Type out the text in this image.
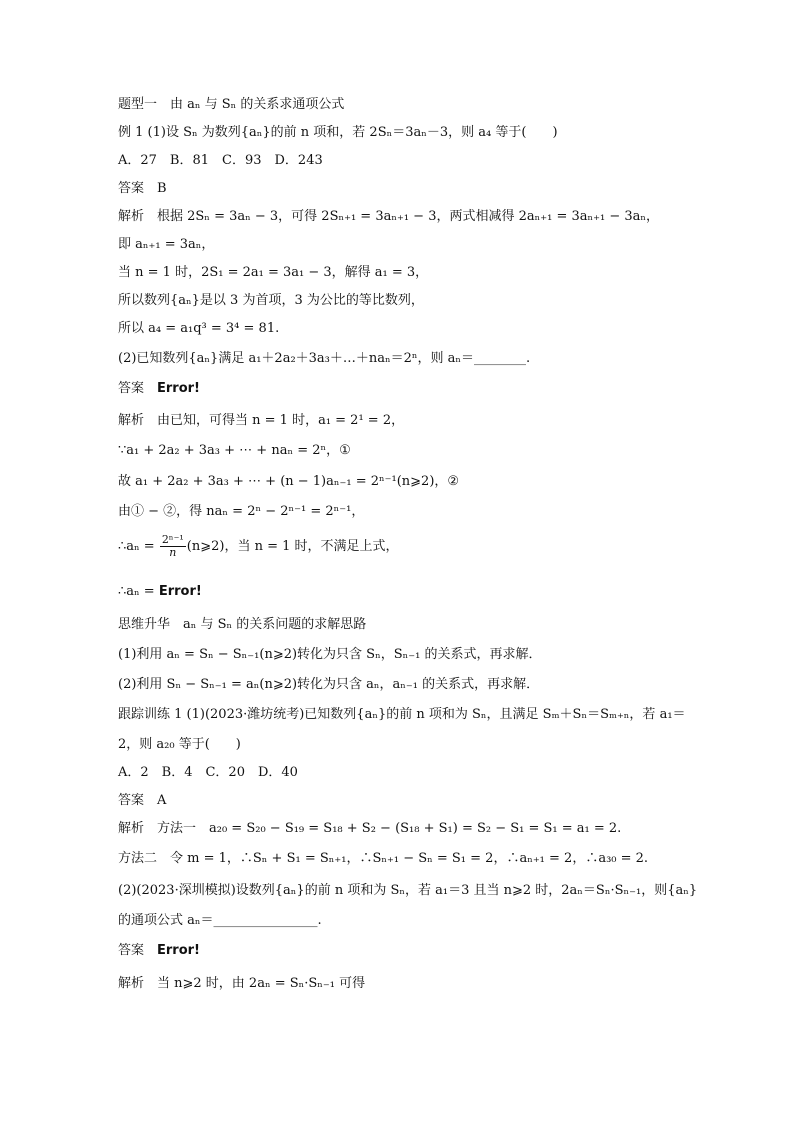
题型一　由 aₙ 与 Sₙ 的关系求通项公式
例 1 (1)设 Sₙ 为数列{aₙ}的前 n 项和，若 2Sₙ＝3aₙ－3，则 a₄ 等于(　　)
A．27　B．81　C．93　D．243
答案　B
解析　根据 2Sₙ = 3aₙ − 3，可得 2Sₙ₊₁ = 3aₙ₊₁ − 3，两式相减得 2aₙ₊₁ = 3aₙ₊₁ − 3aₙ，
即 aₙ₊₁ = 3aₙ，
当 n = 1 时，2S₁ = 2a₁ = 3a₁ − 3，解得 a₁ = 3，
所以数列{aₙ}是以 3 为首项，3 为公比的等比数列，
所以 a₄ = a₁q³ = 3⁴ = 81.
(2)已知数列{aₙ}满足 a₁＋2a₂＋3a₃＋…＋naₙ＝2ⁿ，则 aₙ＝________.
答案　Error!
解析　由已知，可得当 n = 1 时，a₁ = 2¹ = 2，
∵a₁ + 2a₂ + 3a₃ + ⋯ + naₙ = 2ⁿ，①
故 a₁ + 2a₂ + 3a₃ + ⋯ + (n − 1)aₙ₋₁ = 2ⁿ⁻¹(n⩾2)，②
由① − ②，得 naₙ = 2ⁿ − 2ⁿ⁻¹ = 2ⁿ⁻¹，
∴aₙ = $\frac{\text{2ⁿ⁻¹}}{n}$ (n⩾2)，当 n = 1 时，不满足上式，
∴aₙ = Error!
思维升华　aₙ 与 Sₙ 的关系问题的求解思路
(1)利用 aₙ = Sₙ − Sₙ₋₁(n⩾2)转化为只含 Sₙ，Sₙ₋₁ 的关系式，再求解．
(2)利用 Sₙ − Sₙ₋₁ = aₙ(n⩾2)转化为只含 aₙ，aₙ₋₁ 的关系式，再求解．
跟踪训练 1 (1)(2023·潍坊统考)已知数列{aₙ}的前 n 项和为 Sₙ，且满足 Sₘ＋Sₙ＝Sₘ₊ₙ，若 a₁＝
2，则 a₂₀ 等于(　　)
A．2　B．4　C．20　D．40
答案　A
解析　方法一　a₂₀ = S₂₀ − S₁₉ = S₁₈ + S₂ − (S₁₈ + S₁) = S₂ − S₁ = S₁ = a₁ = 2.
方法二　令 m = 1，∴Sₙ + S₁ = Sₙ₊₁，∴Sₙ₊₁ − Sₙ = S₁ = 2，∴aₙ₊₁ = 2，∴a₃₀ = 2.
(2)(2023·深圳模拟)设数列{aₙ}的前 n 项和为 Sₙ，若 a₁＝3 且当 n⩾2 时，2aₙ＝Sₙ·Sₙ₋₁，则{aₙ}
的通项公式 aₙ＝________________.
答案　Error!
解析　当 n⩾2 时，由 2aₙ = Sₙ·Sₙ₋₁ 可得
